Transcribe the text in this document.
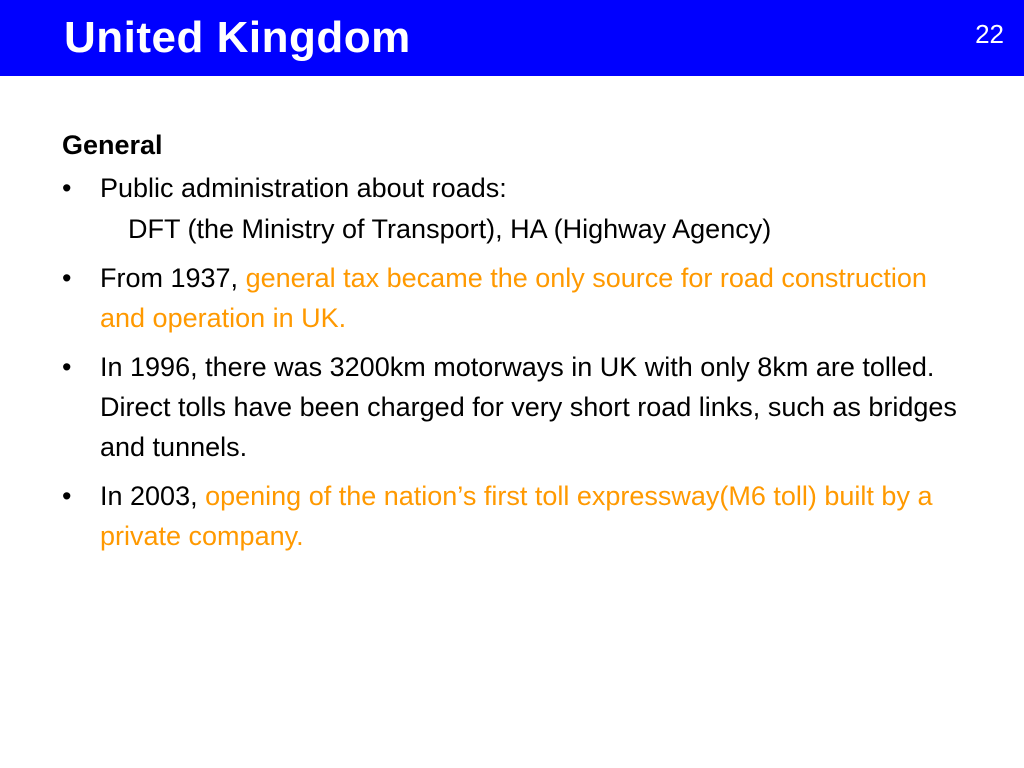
United Kingdom	22
General
•	Public administration about roads:
DFT (the Ministry of Transport), HA (Highway Agency)
•	From 1937, general tax became the only source for road construction and operation in UK.
•	In 1996, there was 3200km motorways in UK with only 8km are tolled. Direct tolls have been charged for very short road links, such as bridges and tunnels.
•	In 2003, opening of the nation’s first toll expressway(M6 toll) built by a private company.
